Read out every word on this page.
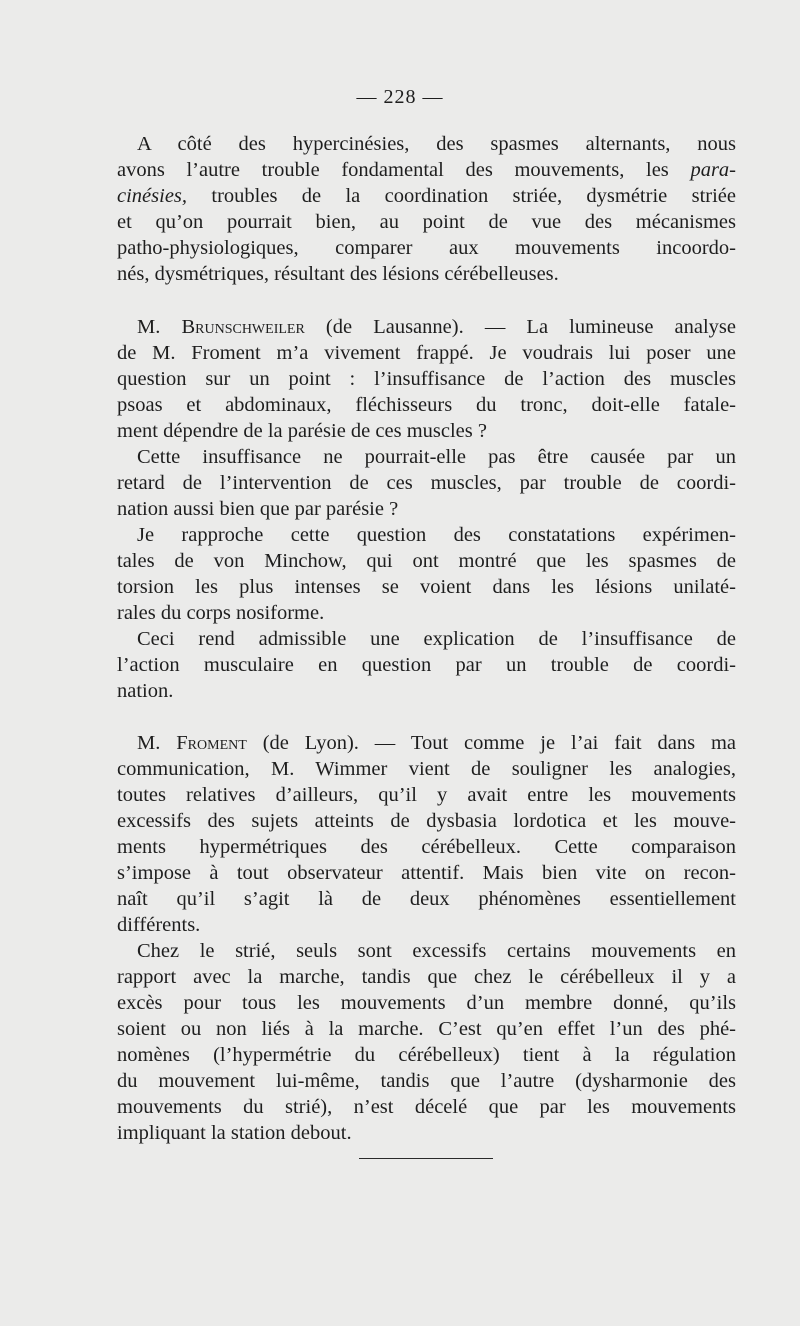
— 228 —
A côté des hypercinésies, des spasmes alternants, nous
avons l’autre trouble fondamental des mouvements, les para-
cinésies, troubles de la coordination striée, dysmétrie striée
et qu’on pourrait bien, au point de vue des mécanismes
patho-physiologiques, comparer aux mouvements incoordo-
nés, dysmétriques, résultant des lésions cérébelleuses.
M. Brunschweiler (de Lausanne). — La lumineuse analyse
de M. Froment m’a vivement frappé. Je voudrais lui poser une
question sur un point : l’insuffisance de l’action des muscles
psoas et abdominaux, fléchisseurs du tronc, doit-elle fatale-
ment dépendre de la parésie de ces muscles ?
Cette insuffisance ne pourrait-elle pas être causée par un
retard de l’intervention de ces muscles, par trouble de coordi-
nation aussi bien que par parésie ?
Je rapproche cette question des constatations expérimen-
tales de von Minchow, qui ont montré que les spasmes de
torsion les plus intenses se voient dans les lésions unilaté-
rales du corps nosiforme.
Ceci rend admissible une explication de l’insuffisance de
l’action musculaire en question par un trouble de coordi-
nation.
M. Froment (de Lyon). — Tout comme je l’ai fait dans ma
communication, M. Wimmer vient de souligner les analogies,
toutes relatives d’ailleurs, qu’il y avait entre les mouvements
excessifs des sujets atteints de dysbasia lordotica et les mouve-
ments hypermétriques des cérébelleux. Cette comparaison
s’impose à tout observateur attentif. Mais bien vite on recon-
naît qu’il s’agit là de deux phénomènes essentiellement
différents.
Chez le strié, seuls sont excessifs certains mouvements en
rapport avec la marche, tandis que chez le cérébelleux il y a
excès pour tous les mouvements d’un membre donné, qu’ils
soient ou non liés à la marche. C’est qu’en effet l’un des phé-
nomènes (l’hypermétrie du cérébelleux) tient à la régulation
du mouvement lui-même, tandis que l’autre (dysharmonie des
mouvements du strié), n’est décelé que par les mouvements
impliquant la station debout.
